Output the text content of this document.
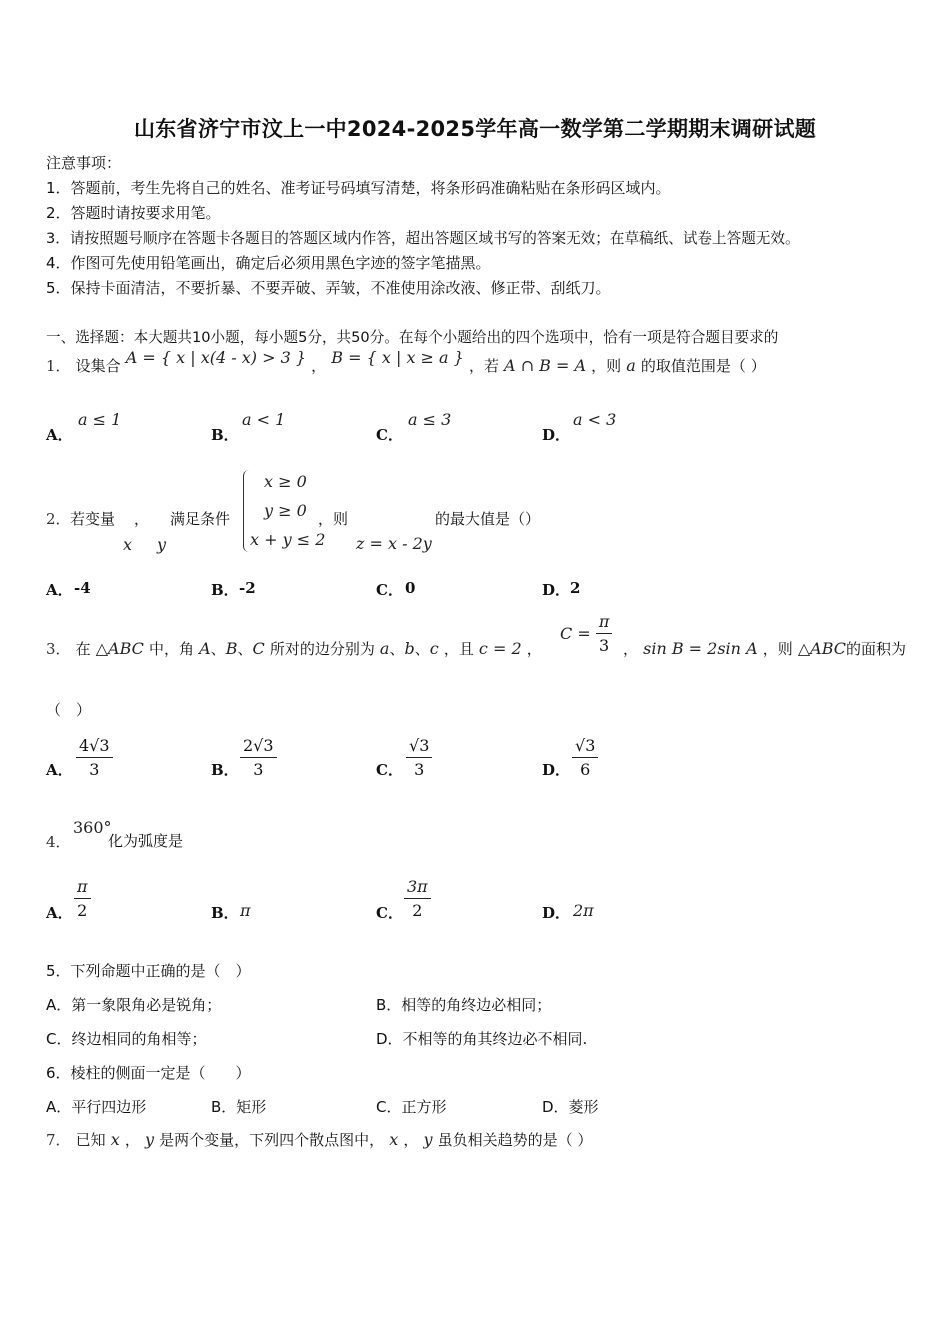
山东省济宁市汶上一中2024-2025学年高一数学第二学期期末调研试题
注意事项：
1．答题前，考生先将自己的姓名、准考证号码填写清楚，将条形码准确粘贴在条形码区域内。
2．答题时请按要求用笔。
3．请按照题号顺序在答题卡各题目的答题区域内作答，超出答题区域书写的答案无效；在草稿纸、试卷上答题无效。
4．作图可先使用铅笔画出，确定后必须用黑色字迹的签字笔描黑。
5．保持卡面清洁，不要折暴、不要弄破、弄皱，不准使用涂改液、修正带、刮纸刀。
一、选择题：本大题共10小题，每小题5分，共50分。在每个小题给出的四个选项中，恰有一项是符合题目要求的
1． 设集合 A = { x | x(4 - x) > 3 } ， B = { x | x ≥ a } ，若 A ∩ B = A ，则 a 的取值范围是（ ）
A．
a ≤ 1
B．
a < 1
C．
a ≤ 3
D．
a < 3
2． 若变量 ， 满足条件
x y
x ≥ 0
y ≥ 0
x + y ≤ 2
，则
z = x - 2y
的最大值是（）
A． -4	B． -2	C． 0	D． 2
3． 在 △ABC 中，角 A、B、C 所对的边分别为 a、b、c ，且 c = 2 ，
$C = \frac{\pi}{3}$ ， sin B = 2sin A ，则 △ABC的面积为
（　）
A． $\frac{4√3}{3}$	B． $\frac{2√3}{3}$	C． $\frac{√3}{3}$	D． $\frac{√3}{6}$
4．
360°
化为弧度是
A． $\frac{\pi}{2}$	B． π	C． $\frac{3\pi}{2}$	D． 2π
5．下列命题中正确的是（　）
A．第一象限角必是锐角；	B．相等的角终边必相同；
C．终边相同的角相等；	D．不相等的角其终边必不相同.
6．棱柱的侧面一定是（　　）
A．平行四边形	B．矩形	C．正方形	D．菱形
7． 已知 x ， y 是两个变量，下列四个散点图中， x ， y 虽负相关趋势的是（ ）
